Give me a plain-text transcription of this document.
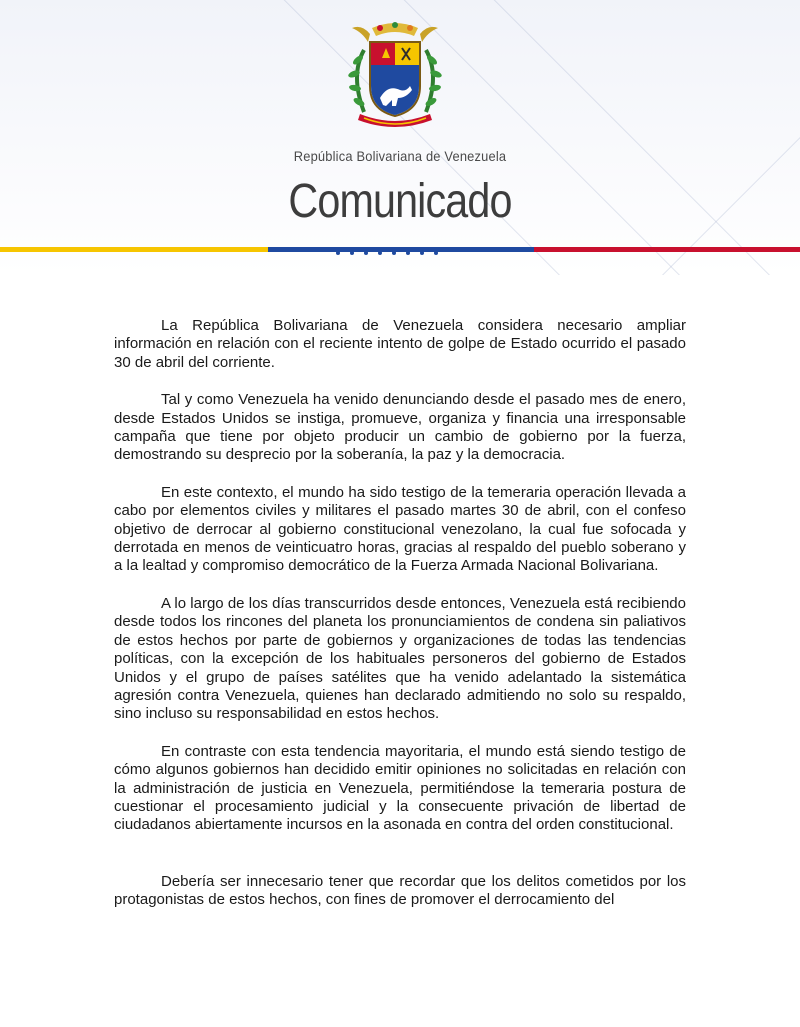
República Bolivariana de Venezuela
Comunicado

La República Bolivariana de Venezuela considera necesario ampliar información en relación con el reciente intento de golpe de Estado ocurrido el pasado 30 de abril del corriente.

Tal y como Venezuela ha venido denunciando desde el pasado mes de enero, desde Estados Unidos se instiga, promueve, organiza y financia una irresponsable campaña que tiene por objeto producir un cambio de gobierno por la fuerza, demostrando su desprecio por la soberanía, la paz y la democracia.

En este contexto, el mundo ha sido testigo de la temeraria operación llevada a cabo por elementos civiles y militares el pasado martes 30 de abril, con el confeso objetivo de derrocar al gobierno constitucional venezolano, la cual fue sofocada y derrotada en menos de veinticuatro horas, gracias al respaldo del pueblo soberano y a la lealtad y compromiso democrático de la Fuerza Armada Nacional Bolivariana.

A lo largo de los días transcurridos desde entonces, Venezuela está recibiendo desde todos los rincones del planeta los pronunciamientos de condena sin paliativos de estos hechos por parte de gobiernos y organizaciones de todas las tendencias políticas, con la excepción de los habituales personeros del gobierno de Estados Unidos y el grupo de países satélites que ha venido adelantado la sistemática agresión contra Venezuela, quienes han declarado admitiendo no solo su respaldo, sino incluso su responsabilidad en estos hechos.

En contraste con esta tendencia mayoritaria, el mundo está siendo testigo de cómo algunos gobiernos han decidido emitir opiniones no solicitadas en relación con la administración de justicia en Venezuela, permitiéndose la temeraria postura de cuestionar el procesamiento judicial y la consecuente privación de libertad de ciudadanos abiertamente incursos en la asonada en contra del orden constitucional.

Debería ser innecesario tener que recordar que los delitos cometidos por los protagonistas de estos hechos, con fines de promover el derrocamiento del
